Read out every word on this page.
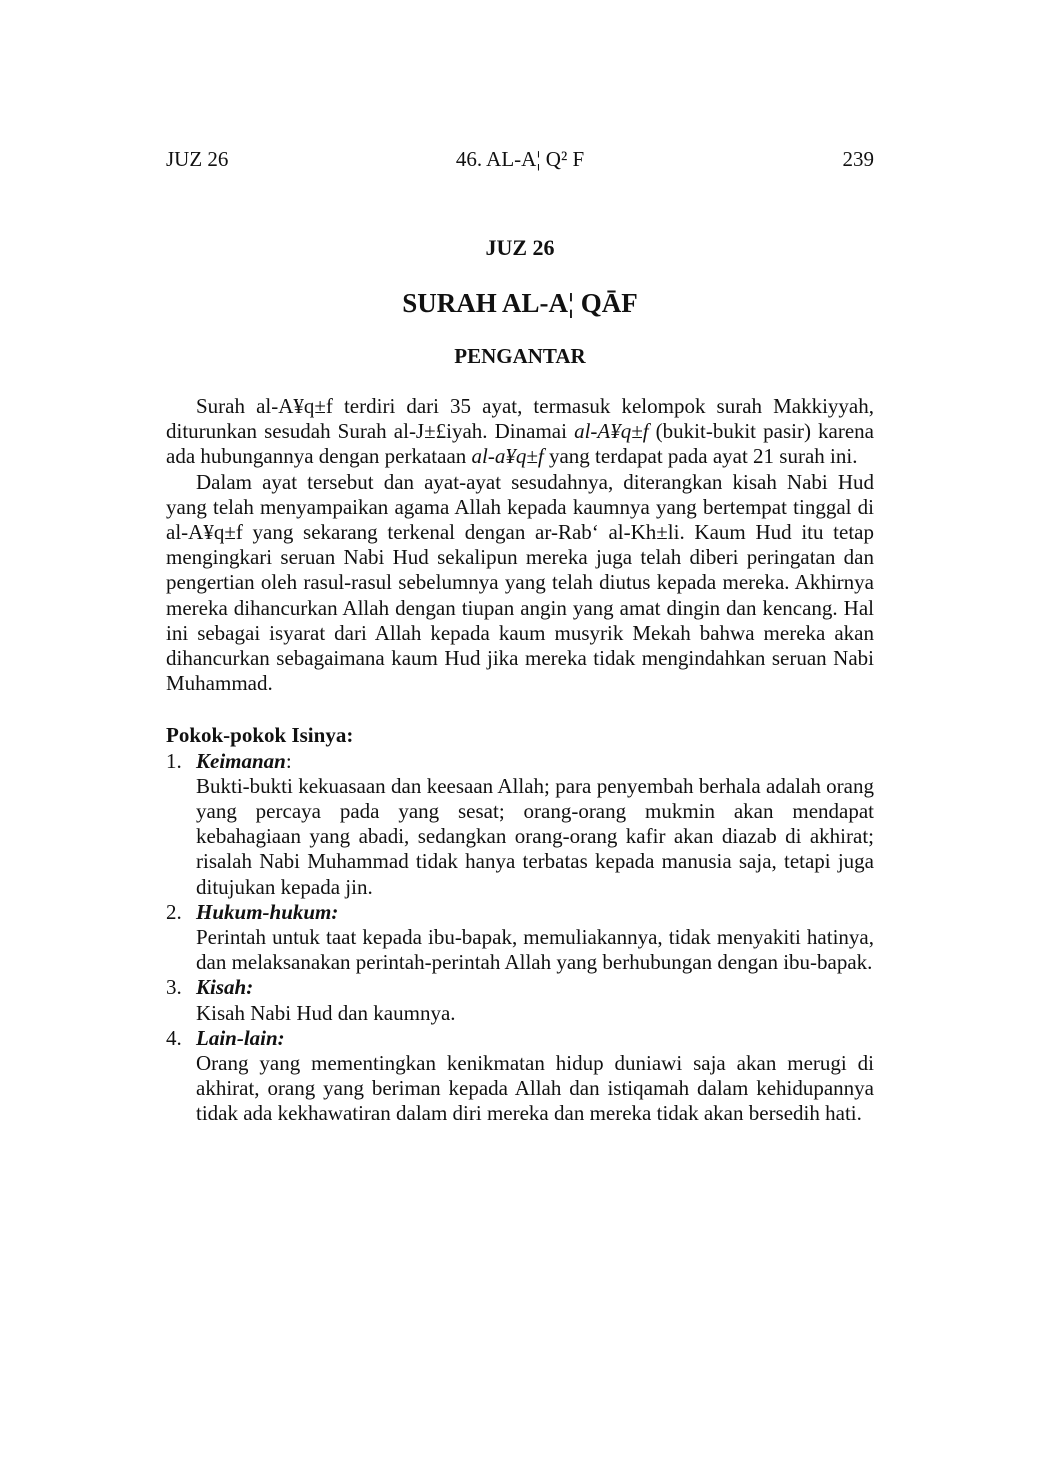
JUZ 26	46. AL-A¦ Q² F	239
JUZ 26
SURAH AL-A¦ QĀF
PENGANTAR

Surah al-A¥q±f terdiri dari 35 ayat, termasuk kelompok surah Makkiyyah, diturunkan sesudah Surah al-J±£iyah. Dinamai al-A¥q±f (bukit-bukit pasir) karena ada hubungannya dengan perkataan al-a¥q±f yang terdapat pada ayat 21 surah ini.

Dalam ayat tersebut dan ayat-ayat sesudahnya, diterangkan kisah Nabi Hud yang telah menyampaikan agama Allah kepada kaumnya yang bertempat tinggal di al-A¥q±f yang sekarang terkenal dengan ar-Rab‘ al-Kh±li. Kaum Hud itu tetap mengingkari seruan Nabi Hud sekalipun mereka juga telah diberi peringatan dan pengertian oleh rasul-rasul sebelumnya yang telah diutus kepada mereka. Akhirnya mereka dihancurkan Allah dengan tiupan angin yang amat dingin dan kencang. Hal ini sebagai isyarat dari Allah kepada kaum musyrik Mekah bahwa mereka akan dihancurkan sebagaimana kaum Hud jika mereka tidak mengindahkan seruan Nabi Muhammad.

Pokok-pokok Isinya:

1. Keimanan:

Bukti-bukti kekuasaan dan keesaan Allah; para penyembah berhala adalah orang yang percaya pada yang sesat; orang-orang mukmin akan mendapat kebahagiaan yang abadi, sedangkan orang-orang kafir akan diazab di akhirat; risalah Nabi Muhammad tidak hanya terbatas kepada manusia saja, tetapi juga ditujukan kepada jin.

2. Hukum-hukum:

Perintah untuk taat kepada ibu-bapak, memuliakannya, tidak menyakiti hatinya, dan melaksanakan perintah-perintah Allah yang berhubungan dengan ibu-bapak.

3. Kisah:

Kisah Nabi Hud dan kaumnya.

4. Lain-lain:

Orang yang mementingkan kenikmatan hidup duniawi saja akan merugi di akhirat, orang yang beriman kepada Allah dan istiqamah dalam kehidupannya tidak ada kekhawatiran dalam diri mereka dan mereka tidak akan bersedih hati.
